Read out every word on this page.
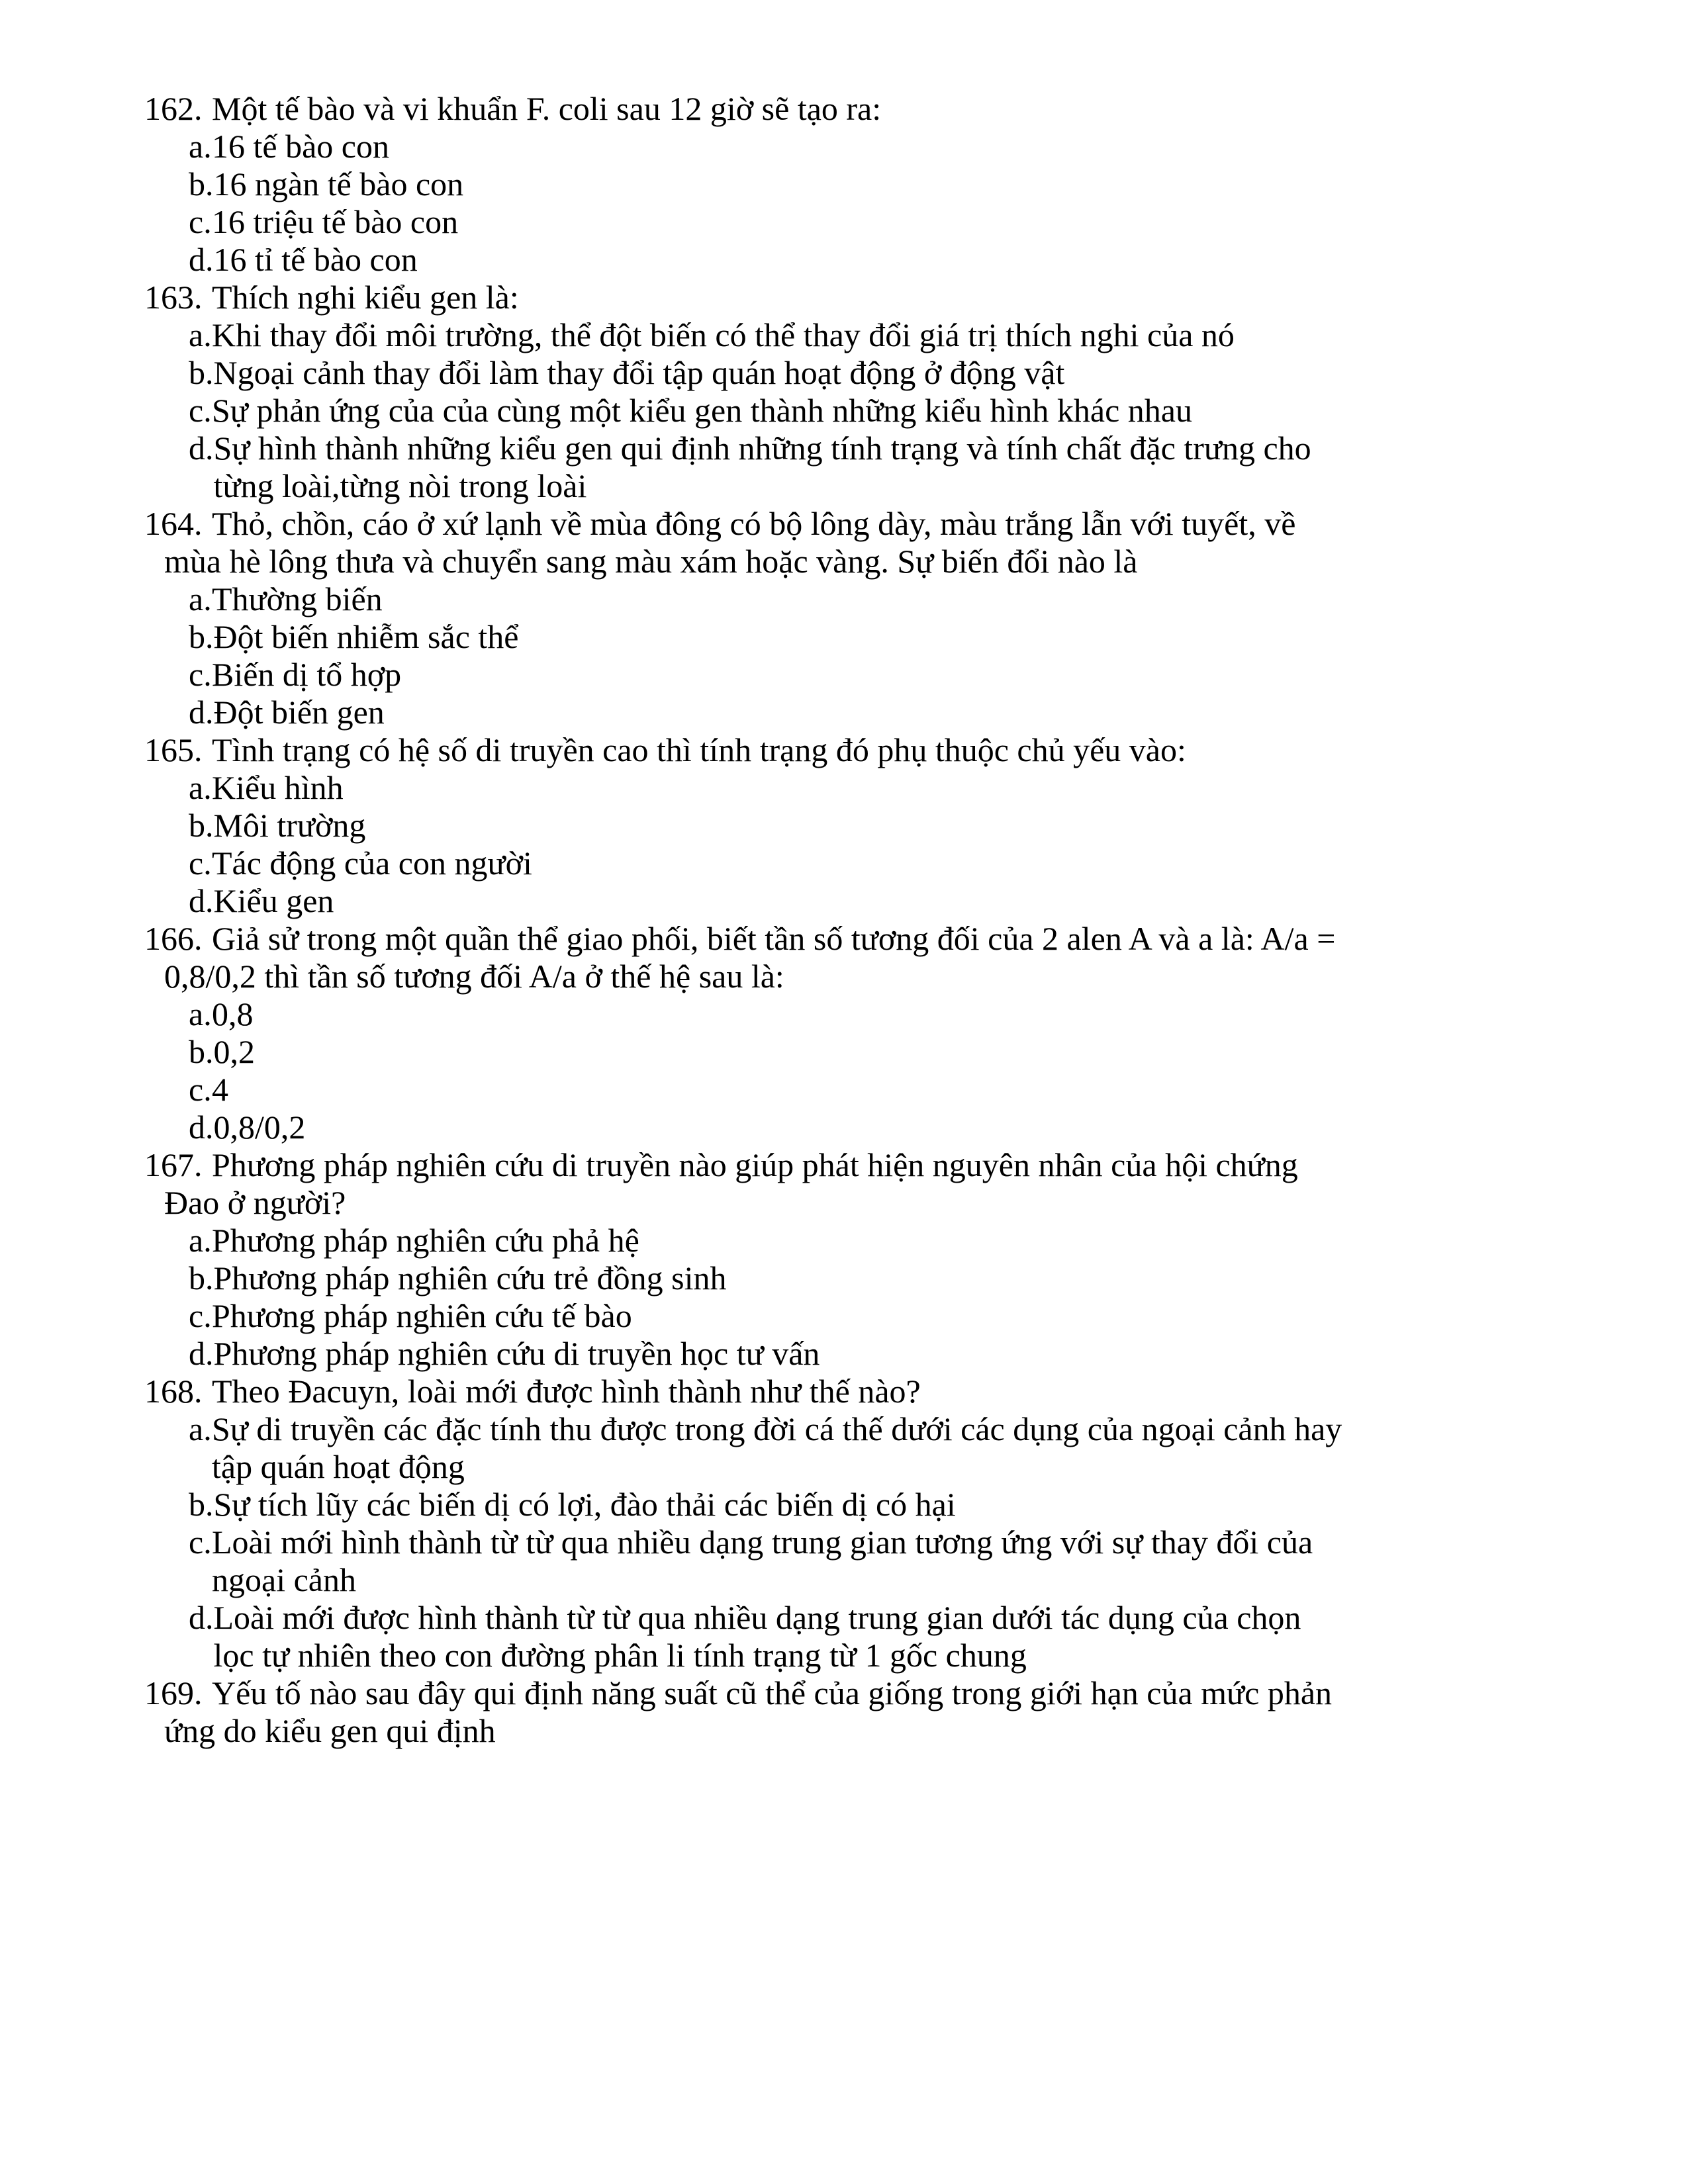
162. Một tế bào và vi khuẩn F. coli sau 12 giờ sẽ tạo ra:

a. 16 tế bào con
b. 16 ngàn tế bào con
c. 16 triệu tế bào con
d. 16 tỉ tế bào con

163. Thích nghi kiểu gen là:

a. Khi thay đổi môi trường, thể đột biến có thể thay đổi giá trị thích nghi của nó
b. Ngoại cảnh thay đổi làm thay đổi tập quán hoạt động ở động vật
c. Sự phản ứng của của cùng một kiểu gen thành những kiểu hình khác nhau
d. Sự hình thành những kiểu gen qui định những tính trạng và tính chất đặc trưng cho từng loài,từng nòi trong loài

164. Thỏ, chồn, cáo ở xứ lạnh về mùa đông có bộ lông dày, màu trắng lẫn với tuyết, về mùa hè lông thưa và chuyển sang màu xám hoặc vàng. Sự biến đổi nào là

a. Thường biến
b. Đột biến nhiễm sắc thể
c. Biến dị tổ hợp
d. Đột biến gen

165. Tình trạng có hệ số di truyền cao thì tính trạng đó phụ thuộc chủ yếu vào:

a. Kiểu hình
b. Môi trường
c. Tác động của con người
d. Kiểu gen

166. Giả sử trong một quần thể giao phối, biết tần số tương đối của 2 alen A và a là: A/a = 0,8/0,2 thì tần số tương đối A/a ở thế hệ sau là:

a. 0,8
b. 0,2
c. 4
d. 0,8/0,2

167. Phương pháp nghiên cứu di truyền nào giúp phát hiện nguyên nhân của hội chứng Đao ở người?

a. Phương pháp nghiên cứu phả hệ
b. Phương pháp nghiên cứu trẻ đồng sinh
c. Phương pháp nghiên cứu tế bào
d. Phương pháp nghiên cứu di truyền học tư vấn

168. Theo Đacuyn, loài mới được hình thành như thế nào?

a. Sự di truyền các đặc tính thu được trong đời cá thế dưới các dụng của ngoại cảnh hay tập quán hoạt động
b. Sự tích lũy các biến dị có lợi, đào thải các biến dị có hại
c. Loài mới hình thành từ từ qua nhiều dạng trung gian tương ứng với sự thay đổi của ngoại cảnh
d. Loài mới được hình thành từ từ qua nhiều dạng trung gian dưới tác dụng của chọn lọc tự nhiên theo con đường phân li tính trạng từ 1 gốc chung

169. Yếu tố nào sau đây qui định năng suất cũ thể của giống trong giới hạn của mức phản ứng do kiểu gen qui định
